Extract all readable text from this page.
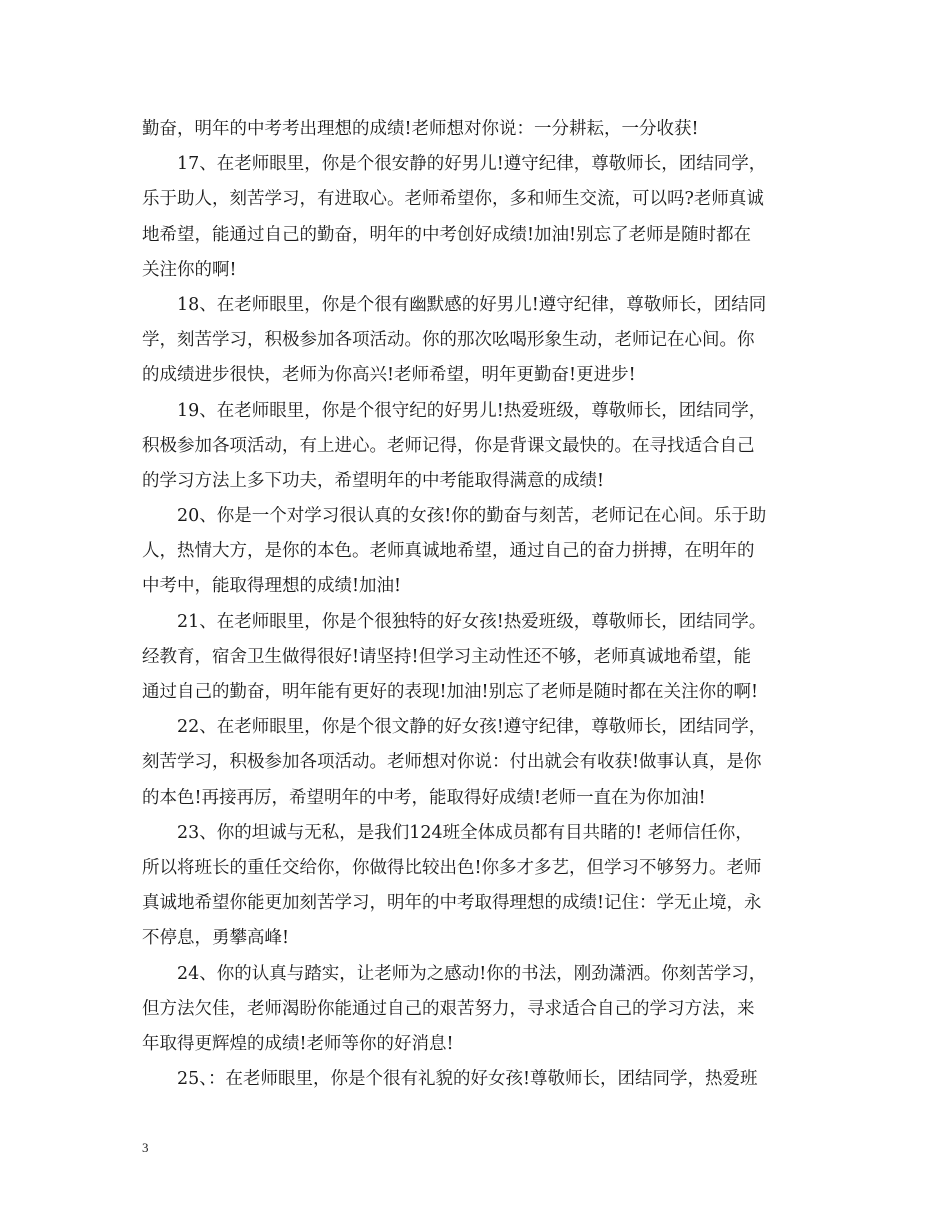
勤奋，明年的中考考出理想的成绩!老师想对你说：一分耕耘，一分收获!
17、在老师眼里，你是个很安静的好男儿!遵守纪律，尊敬师长，团结同学，
乐于助人，刻苦学习，有进取心。老师希望你，多和师生交流，可以吗?老师真诚
地希望，能通过自己的勤奋，明年的中考创好成绩!加油!别忘了老师是随时都在
关注你的啊!
18、在老师眼里，你是个很有幽默感的好男儿!遵守纪律，尊敬师长，团结同
学，刻苦学习，积极参加各项活动。你的那次吆喝形象生动，老师记在心间。你
的成绩进步很快，老师为你高兴!老师希望，明年更勤奋!更进步!
19、在老师眼里，你是个很守纪的好男儿!热爱班级，尊敬师长，团结同学，
积极参加各项活动，有上进心。老师记得，你是背课文最快的。在寻找适合自己
的学习方法上多下功夫，希望明年的中考能取得满意的成绩!
20、你是一个对学习很认真的女孩!你的勤奋与刻苦，老师记在心间。乐于助
人，热情大方，是你的本色。老师真诚地希望，通过自己的奋力拼搏，在明年的
中考中，能取得理想的成绩!加油!
21、在老师眼里，你是个很独特的好女孩!热爱班级，尊敬师长，团结同学。
经教育，宿舍卫生做得很好!请坚持!但学习主动性还不够，老师真诚地希望，能
通过自己的勤奋，明年能有更好的表现!加油!别忘了老师是随时都在关注你的啊!
22、在老师眼里，你是个很文静的好女孩!遵守纪律，尊敬师长，团结同学，
刻苦学习，积极参加各项活动。老师想对你说：付出就会有收获!做事认真，是你
的本色!再接再厉，希望明年的中考，能取得好成绩!老师一直在为你加油!
23、你的坦诚与无私，是我们124班全体成员都有目共睹的! 老师信任你，
所以将班长的重任交给你，你做得比较出色!你多才多艺，但学习不够努力。老师
真诚地希望你能更加刻苦学习，明年的中考取得理想的成绩!记住：学无止境，永
不停息，勇攀高峰!
24、你的认真与踏实，让老师为之感动!你的书法，刚劲潇洒。你刻苦学习，
但方法欠佳，老师渴盼你能通过自己的艰苦努力，寻求适合自己的学习方法，来
年取得更辉煌的成绩!老师等你的好消息!
25、：在老师眼里，你是个很有礼貌的好女孩!尊敬师长，团结同学，热爱班
3
